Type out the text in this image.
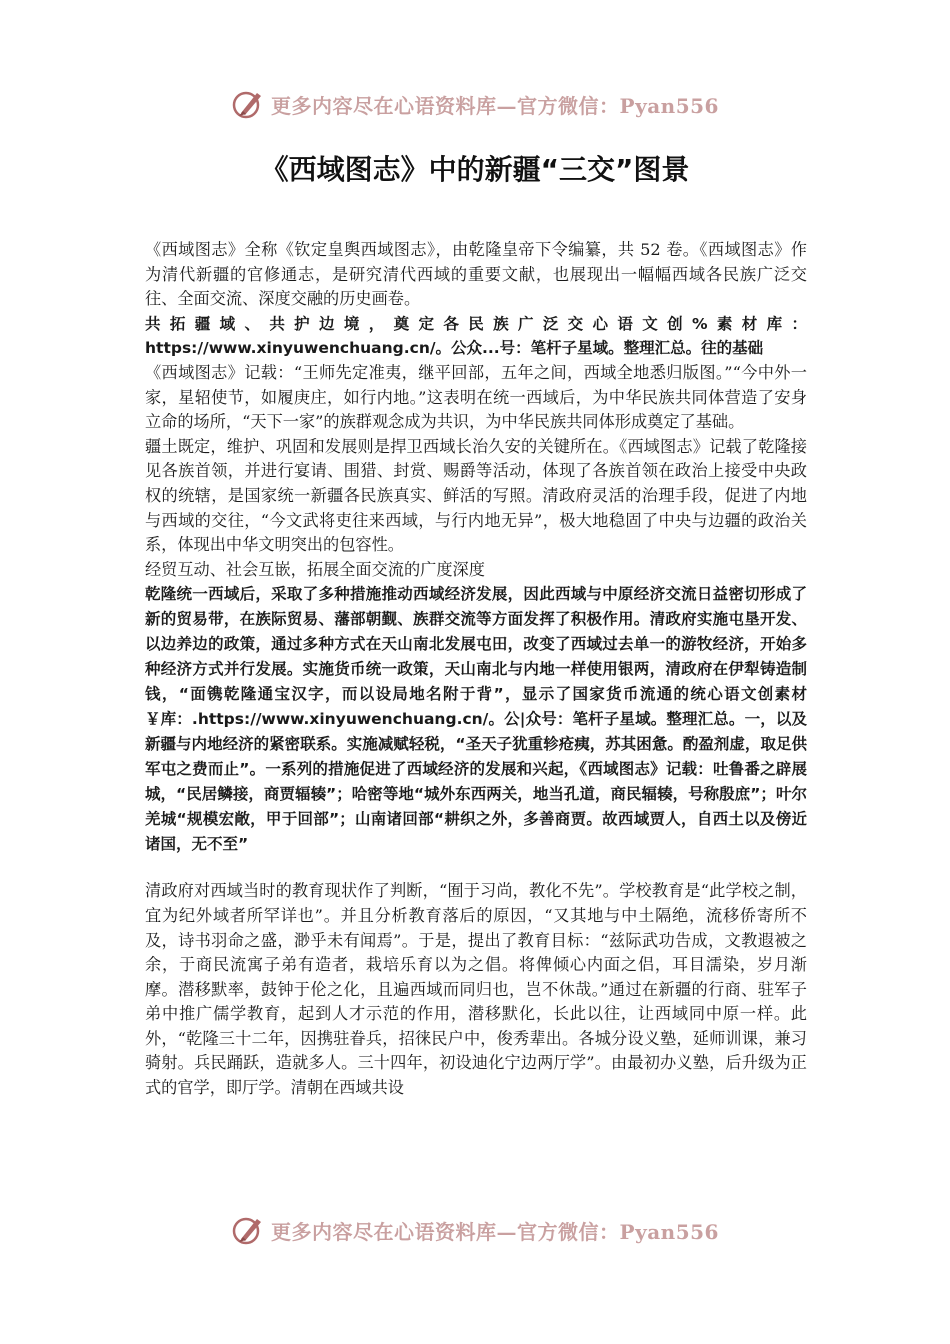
更多内容尽在心语资料库—官方微信：Pyan556
《西域图志》中的新疆“三交”图景

《西域图志》全称《钦定皇舆西域图志》，由乾隆皇帝下令编纂，共 52 卷。《西域图志》作为清代新疆的官修通志，是研究清代西域的重要文献，也展现出一幅幅西域各民族广泛交往、全面交流、深度交融的历史画卷。

共拓疆域、共护边境，奠定各民族广泛交心语文创%素材库：https://www.xinyuwenchuang.cn/。公众...号：笔杆子星域。整理汇总。往的基础

《西域图志》记载：“王师先定准夷，继平回部，五年之间，西域全地悉归版图。”“今中外一家，星轺使节，如履庚庄，如行内地。”这表明在统一西域后，为中华民族共同体营造了安身立命的场所，“天下一家”的族群观念成为共识，为中华民族共同体形成奠定了基础。

疆土既定，维护、巩固和发展则是捍卫西域长治久安的关键所在。《西域图志》记载了乾隆接见各族首领，并进行宴请、围猎、封赏、赐爵等活动，体现了各族首领在政治上接受中央政权的统辖，是国家统一新疆各民族真实、鲜活的写照。清政府灵活的治理手段，促进了内地与西域的交往，“今文武将吏往来西域，与行内地无异”，极大地稳固了中央与边疆的政治关系，体现出中华文明突出的包容性。

经贸互动、社会互嵌，拓展全面交流的广度深度

乾隆统一西域后，采取了多种措施推动西域经济发展，因此西域与中原经济交流日益密切形成了新的贸易带，在族际贸易、藩部朝觐、族群交流等方面发挥了积极作用。清政府实施屯垦开发、以边养边的政策，通过多种方式在天山南北发展屯田，改变了西域过去单一的游牧经济，开始多种经济方式并行发展。实施货币统一政策，天山南北与内地一样使用银两，清政府在伊犁铸造制钱，“面镌乾隆通宝汉字，而以设局地名附于背”，显示了国家货币流通的统心语文创素材￥库：.https://www.xinyuwenchuang.cn/。公|众号：笔杆子星域。整理汇总。一，以及新疆与内地经济的紧密联系。实施减赋轻税，“圣天子犹重轸疮痍，苏其困惫。酌盈剂虚，取足供军屯之费而止”。一系列的措施促进了西域经济的发展和兴起，《西域图志》记载：吐鲁番之辟展城，“民居鳞接，商贾辐辏”；哈密等地“城外东西两关，地当孔道，商民辐辏，号称殷庶”；叶尔羌城“规模宏敞，甲于回部”；山南诸回部“耕织之外，多善商贾。故西域贾人，自西土以及傍近诸国，无不至”

清政府对西域当时的教育现状作了判断，“囿于习尚，教化不先”。学校教育是“此学校之制，宜为纪外域者所罕详也”。并且分析教育落后的原因，“又其地与中土隔绝，流移侨寄所不及，诗书羽命之盛，渺乎未有闻焉”。于是，提出了教育目标：“兹际武功告成，文教遐被之余，于商民流寓子弟有造者，栽培乐育以为之倡。将俾倾心内面之侣，耳目濡染，岁月渐摩。潜移默率，鼓钟于伦之化，且遍西域而同归也，岂不休哉。”通过在新疆的行商、驻军子弟中推广儒学教育，起到人才示范的作用，潜移默化，长此以往，让西域同中原一样。此外，“乾隆三十二年，因携驻眷兵，招徕民户中，俊秀辈出。各城分设义塾，延师训课，兼习骑射。兵民踊跃，造就多人。三十四年，初设迪化宁边两厅学”。由最初办义塾，后升级为正式的官学，即厅学。清朝在西域共设

更多内容尽在心语资料库—官方微信：Pyan556
